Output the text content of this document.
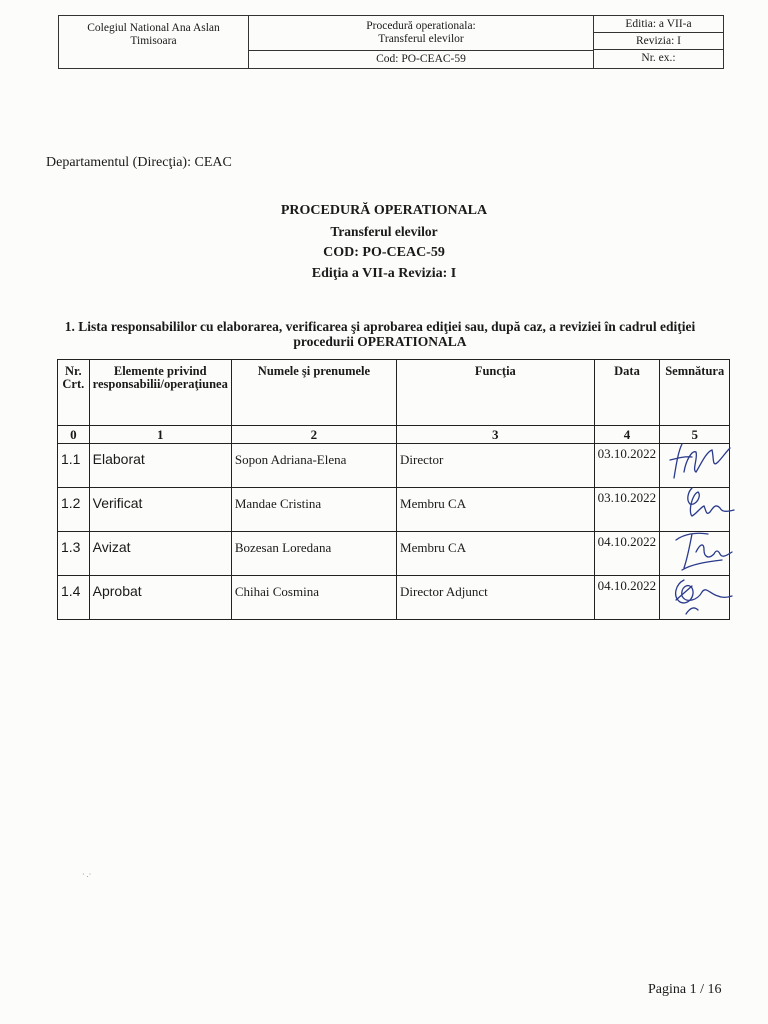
Colegiul National Ana Aslan
Timisoara
Procedură operationala:
Transferul elevilor
Cod: PO-CEAC-59
Editia: a VII-a
Revizia: I
Nr. ex.:
Departamentul (Direcţia): CEAC
PROCEDURĂ OPERATIONALA
Transferul elevilor
COD: PO-CEAC-59
Ediţia a VII-a Revizia: I
1. Lista responsabililor cu elaborarea, verificarea şi aprobarea ediţiei sau, după caz, a reviziei în cadrul ediţiei procedurii OPERATIONALA
Nr. Crt.	Elemente privind responsabilii/operaţiunea	Numele şi prenumele	Funcţia	Data	Semnătura
0	1	2	3	4	5
1.1	Elaborat	Sopon Adriana-Elena	Director	03.10.2022	

1.2	Verificat	Mandae Cristina	Membru CA	03.10.2022	

1.3	Avizat	Bozesan Loredana	Membru CA	04.10.2022	

1.4	Aprobat	Chihai Cosmina	Director Adjunct	04.10.2022	
· .·
Pagina 1 / 16
